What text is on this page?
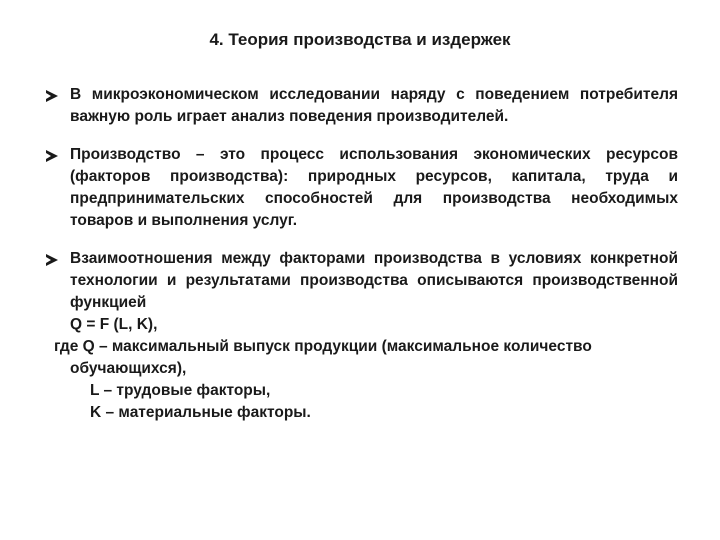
4. Теория производства и издержек
В микроэкономическом исследовании наряду с поведением потребителя важную роль играет анализ поведения производителей.
Производство – это процесс использования экономических ресурсов (факторов производства): природных ресурсов, капитала, труда и предпринимательских способностей для производства необходимых товаров и выполнения услуг.
Взаимоотношения между факторами производства в условиях конкретной технологии и результатами производства описываются производственной функцией
Q = F (L, K),
где Q – максимальный выпуск продукции (максимальное количество
обучающихся),
L – трудовые факторы,
K – материальные факторы.
